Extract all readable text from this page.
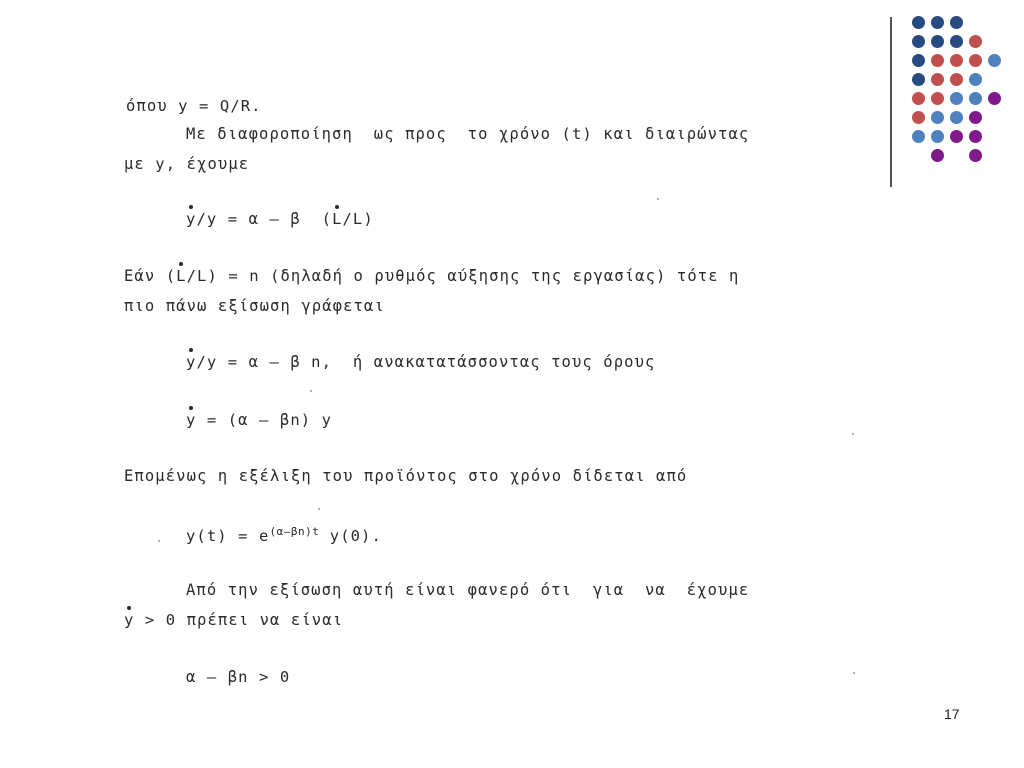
όπου y = Q/R.
Με διαφοροποίηση  ως προς  το χρόνο (t) και διαιρώντας
με y, έχουμε
y/y = α – β  (L/L)
Εάν (L/L) = n (δηλαδή ο ρυθμός αύξησης της εργασίας) τότε η
πιο πάνω εξίσωση γράφεται
y/y = α – β n,  ή ανακατατάσσοντας τους όρους
y = (α – βn) y
Επομένως η εξέλιξη του προϊόντος στο χρόνο δίδεται από
$y(t) = e^{(\alpha-\beta n)t}$ y(0).
Από την εξίσωση αυτή είναι φανερό ότι  για  να  έχουμε
y > 0 πρέπει να είναι
α – βn > 0
17
